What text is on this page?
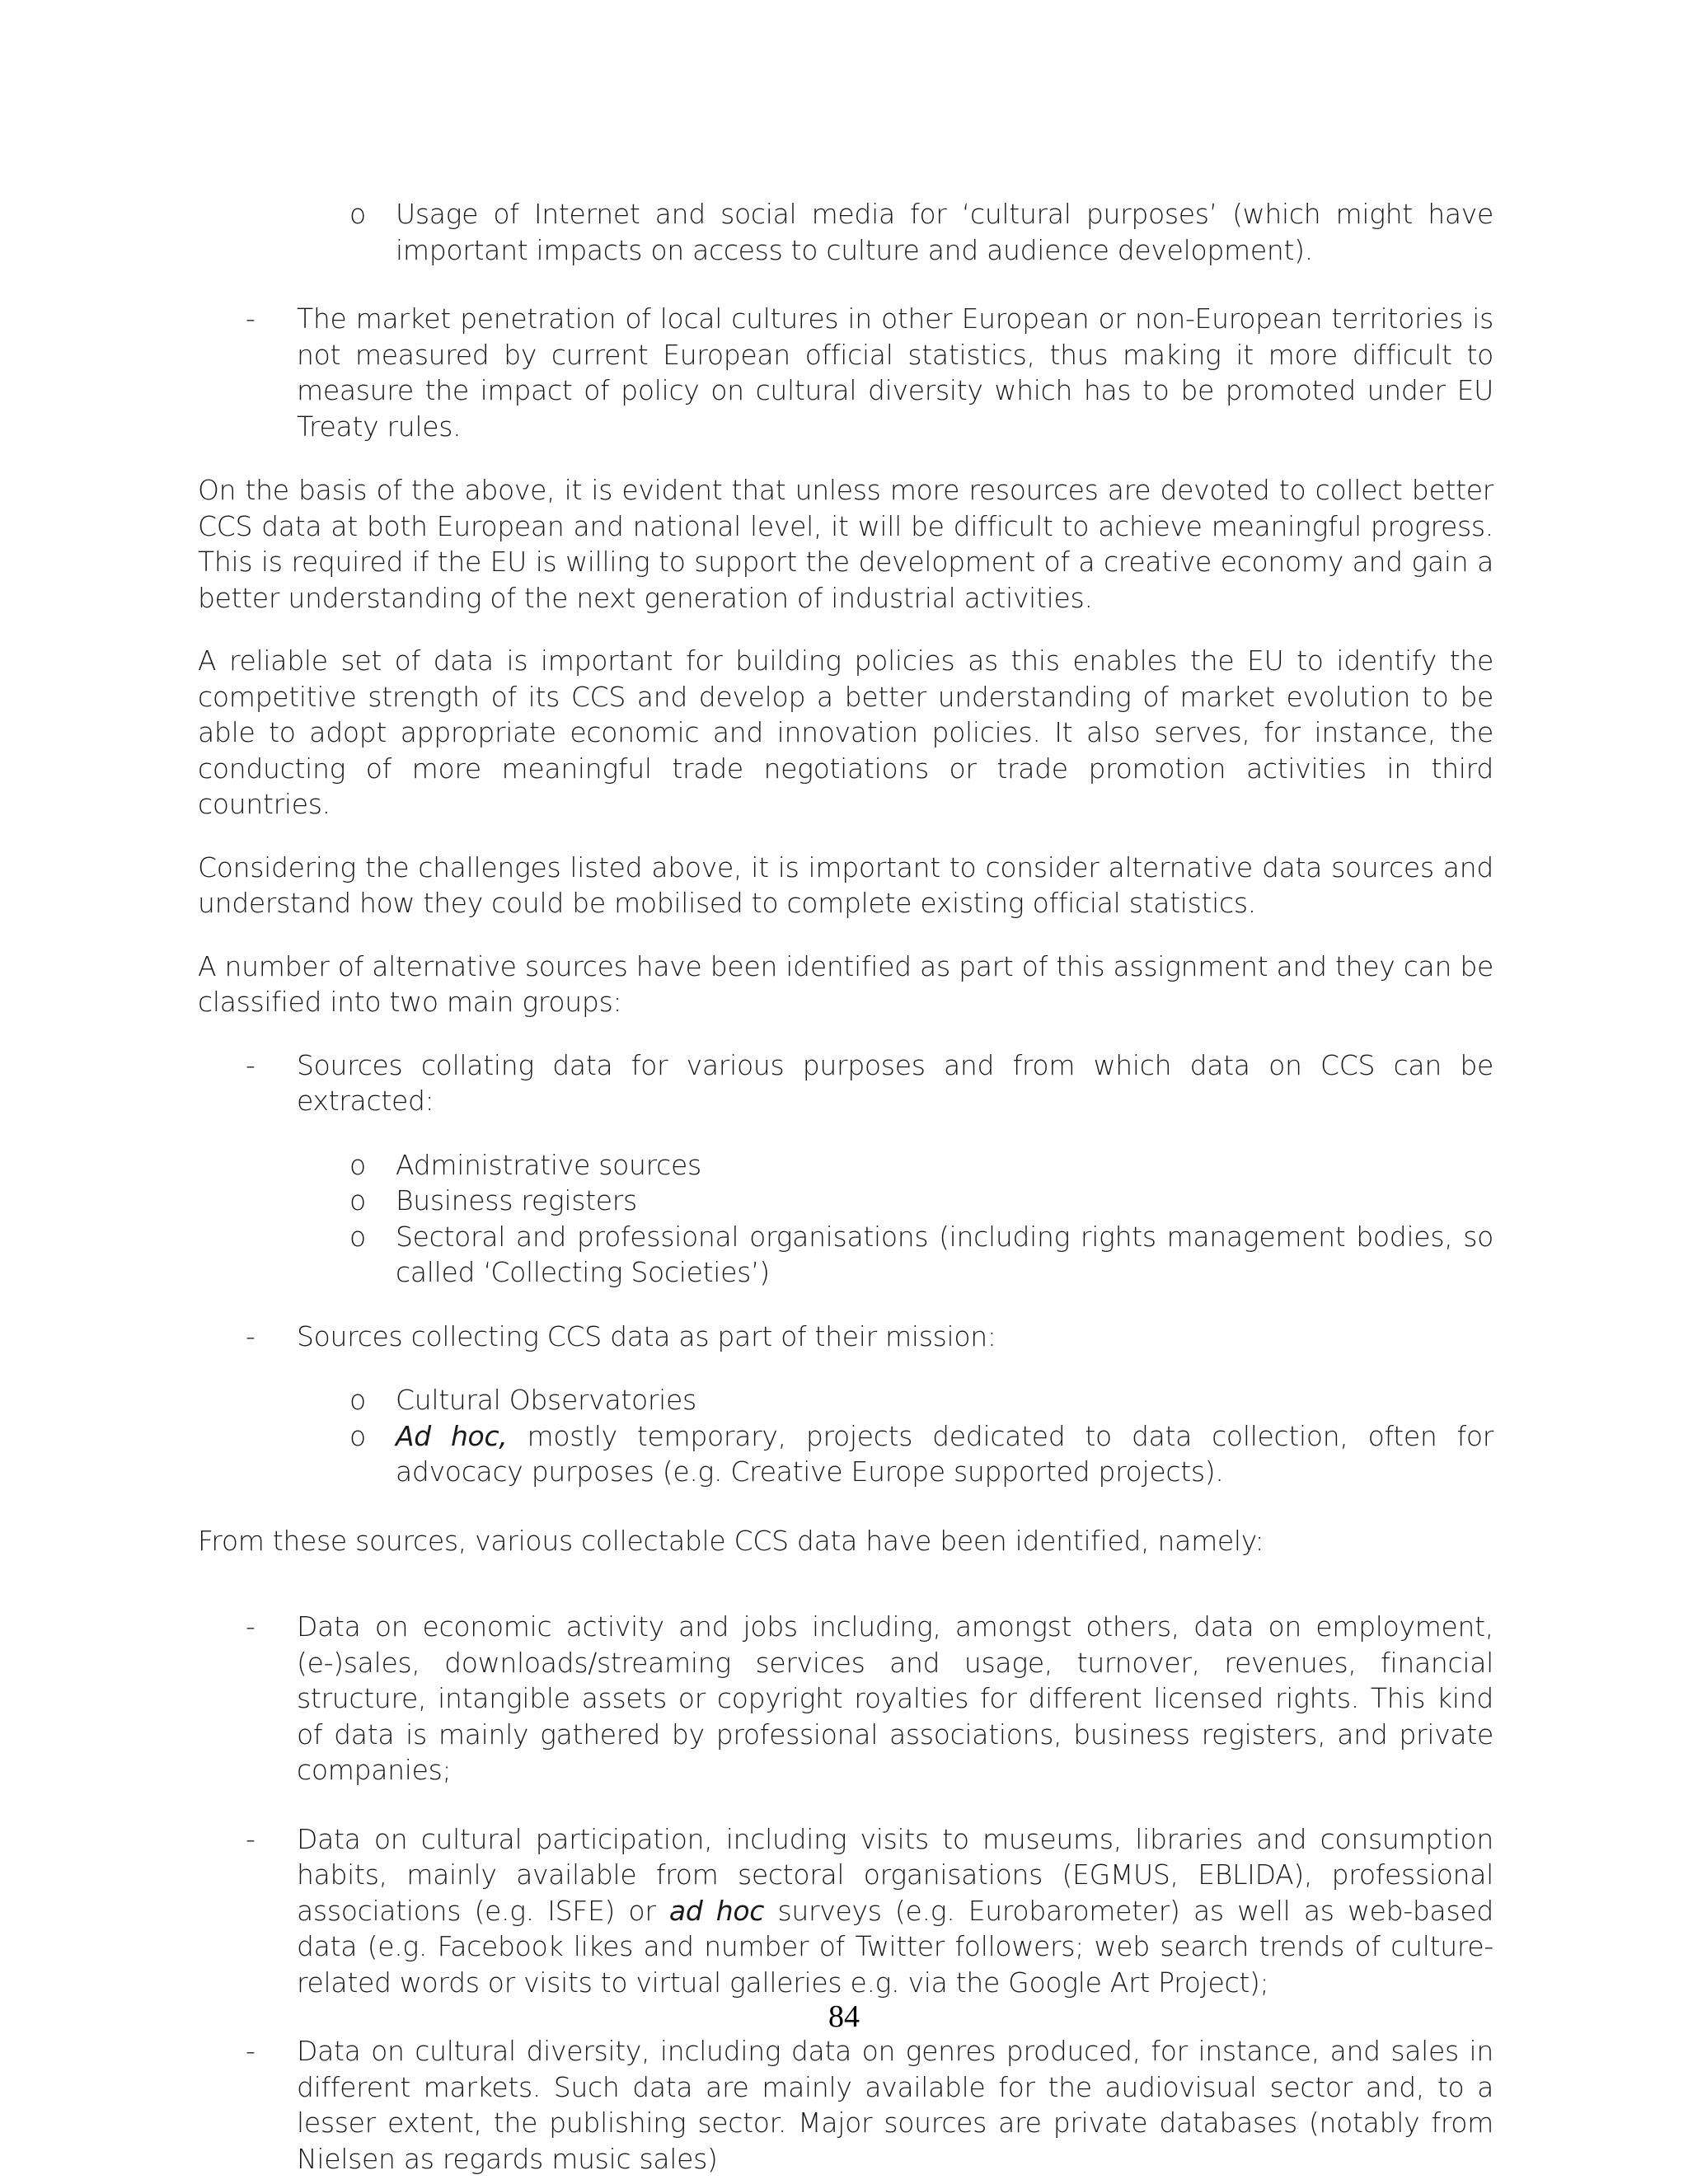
o Usage of Internet and social media for ‘cultural purposes’ (which might have important impacts on access to culture and audience development).

- The market penetration of local cultures in other European or non-European territories is not measured by current European official statistics, thus making it more difficult to measure the impact of policy on cultural diversity which has to be promoted under EU Treaty rules.

On the basis of the above, it is evident that unless more resources are devoted to collect better CCS data at both European and national level, it will be difficult to achieve meaningful progress. This is required if the EU is willing to support the development of a creative economy and gain a better understanding of the next generation of industrial activities.

A reliable set of data is important for building policies as this enables the EU to identify the competitive strength of its CCS and develop a better understanding of market evolution to be able to adopt appropriate economic and innovation policies. It also serves, for instance, the conducting of more meaningful trade negotiations or trade promotion activities in third countries.

Considering the challenges listed above, it is important to consider alternative data sources and understand how they could be mobilised to complete existing official statistics.

A number of alternative sources have been identified as part of this assignment and they can be classified into two main groups:

- Sources collating data for various purposes and from which data on CCS can be extracted:

o Administrative sources

o Business registers

o Sectoral and professional organisations (including rights management bodies, so called ‘Collecting Societies’)

- Sources collecting CCS data as part of their mission:

o Cultural Observatories

o Ad hoc, mostly temporary, projects dedicated to data collection, often for advocacy purposes (e.g. Creative Europe supported projects).

From these sources, various collectable CCS data have been identified, namely:

- Data on economic activity and jobs including, amongst others, data on employment, (e-)sales, downloads/streaming services and usage, turnover, revenues, financial structure, intangible assets or copyright royalties for different licensed rights. This kind of data is mainly gathered by professional associations, business registers, and private companies;

- Data on cultural participation, including visits to museums, libraries and consumption habits, mainly available from sectoral organisations (EGMUS, EBLIDA), professional associations (e.g. ISFE) or ad hoc surveys (e.g. Eurobarometer) as well as web-based data (e.g. Facebook likes and number of Twitter followers; web search trends of culture-related words or visits to virtual galleries e.g. via the Google Art Project);

- Data on cultural diversity, including data on genres produced, for instance, and sales in different markets. Such data are mainly available for the audiovisual sector and, to a lesser extent, the publishing sector. Major sources are private databases (notably from Nielsen as regards music sales)

84
